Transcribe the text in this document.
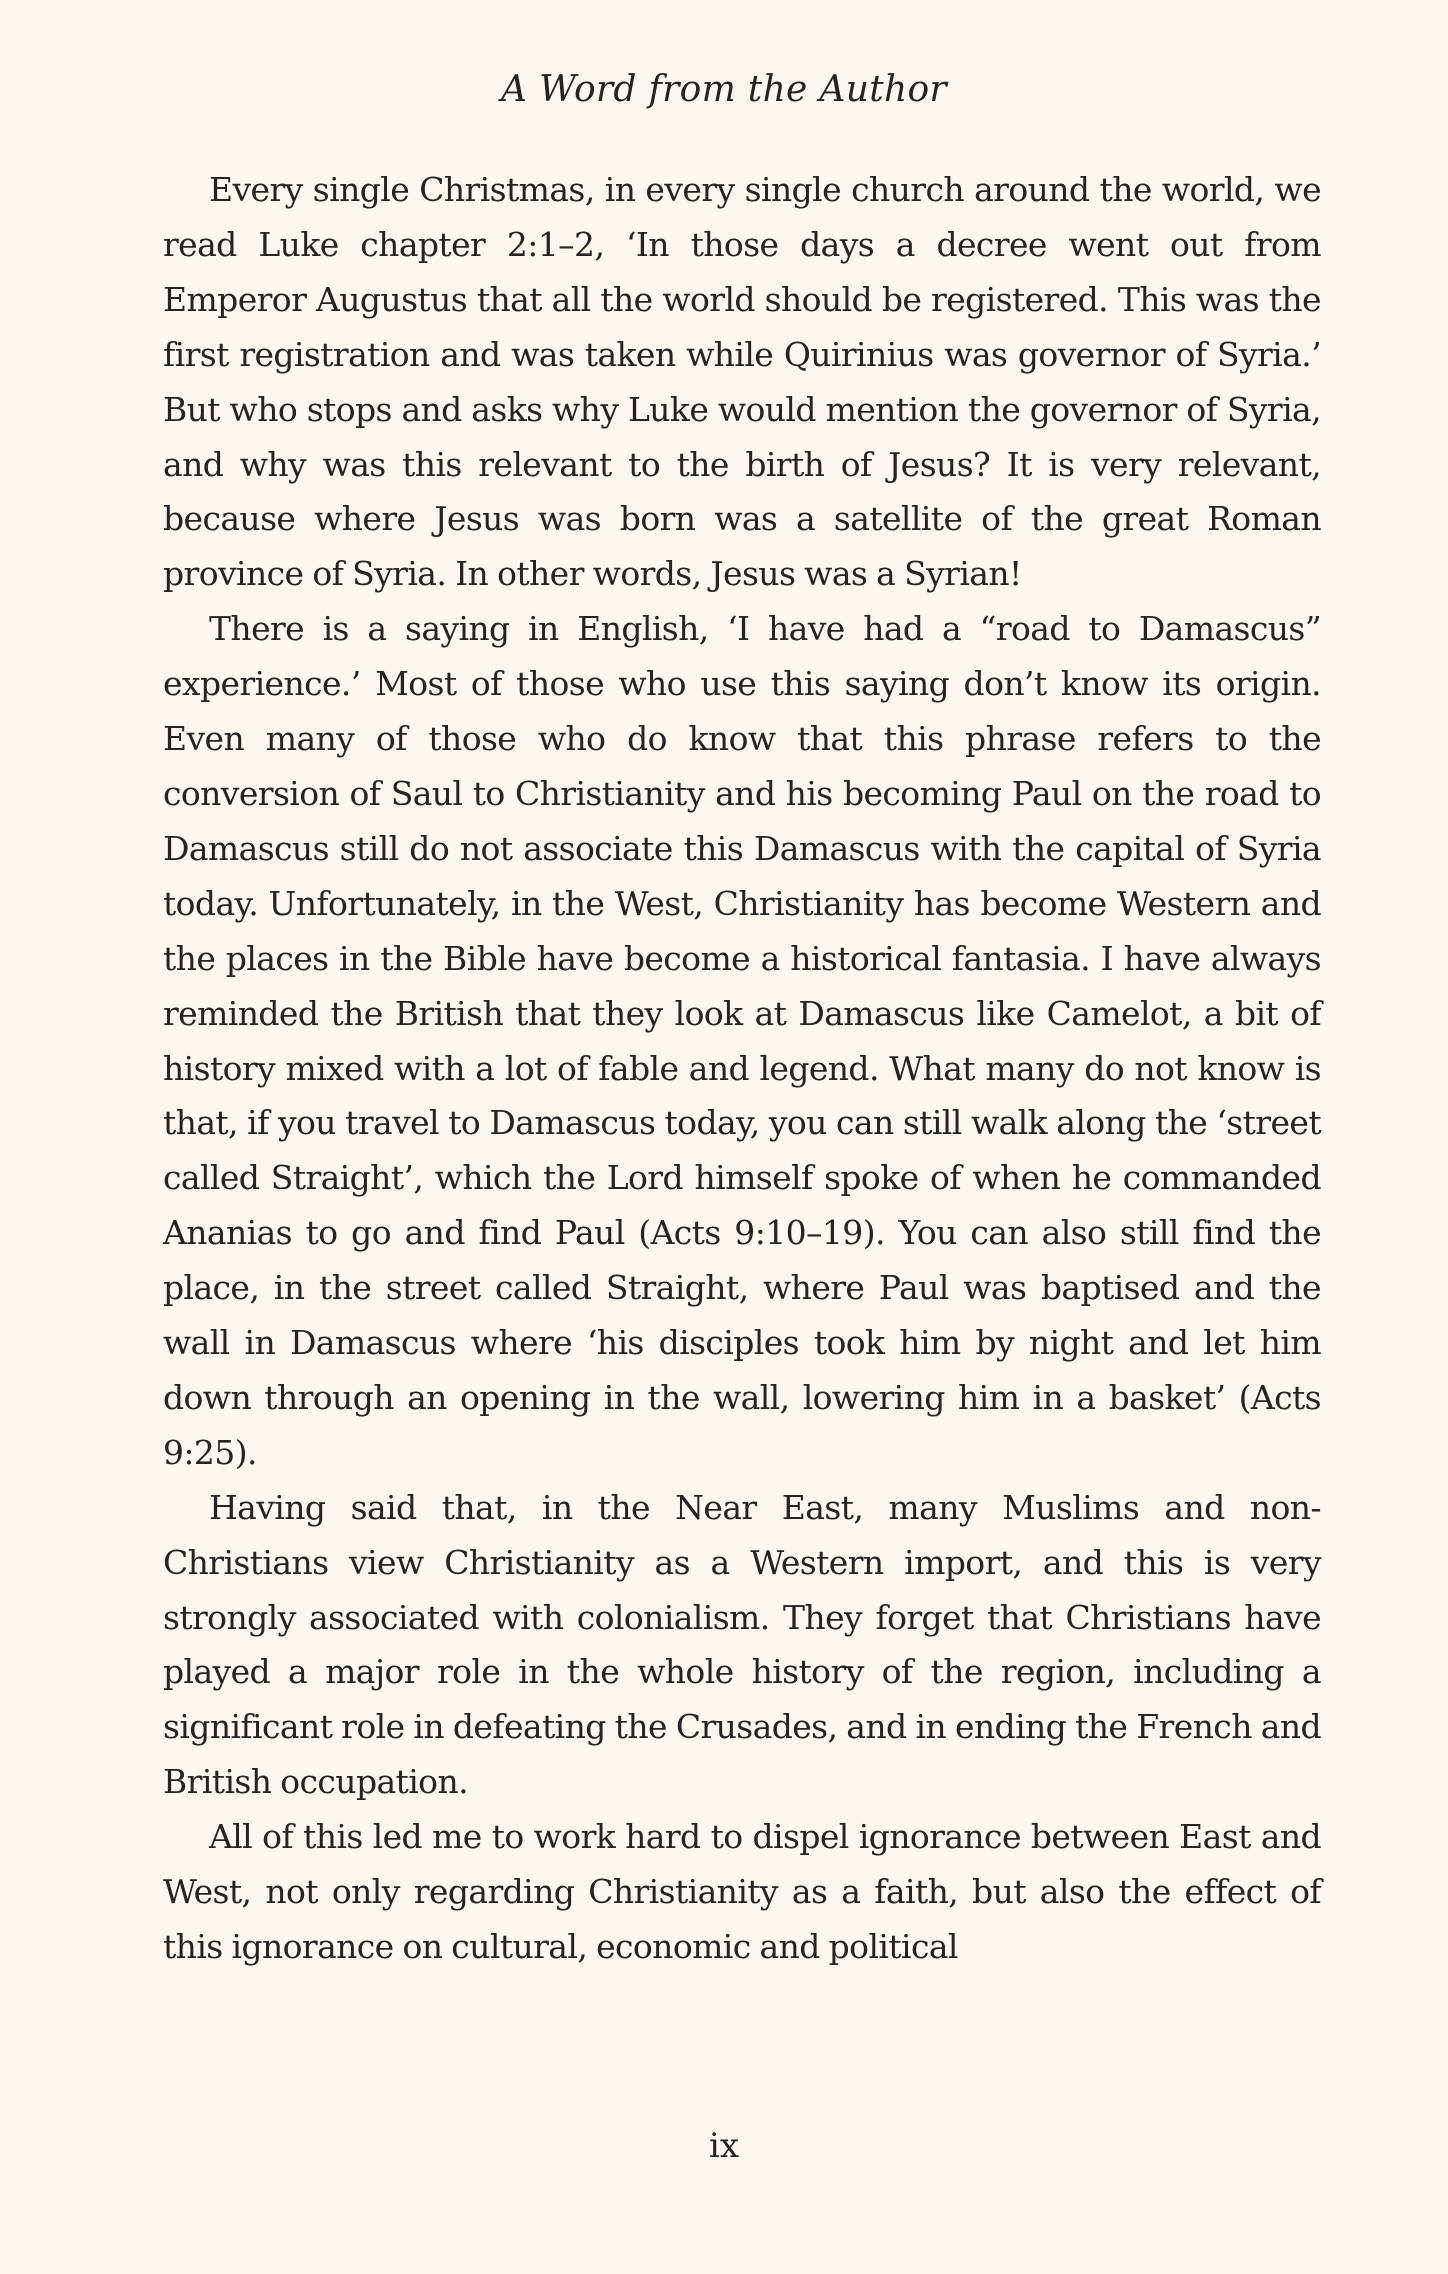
A Word from the Author

Every single Christmas, in every single church around the world, we read Luke chapter 2:1–2, ‘In those days a decree went out from Emperor Augustus that all the world should be registered. This was the first registration and was taken while Quirinius was governor of Syria.’ But who stops and asks why Luke would mention the governor of Syria, and why was this relevant to the birth of Jesus? It is very relevant, because where Jesus was born was a satellite of the great Roman province of Syria. In other words, Jesus was a Syrian!

There is a saying in English, ‘I have had a “road to Damascus” experience.’ Most of those who use this saying don’t know its origin. Even many of those who do know that this phrase refers to the conversion of Saul to Christianity and his becoming Paul on the road to Damascus still do not associate this Damascus with the capital of Syria today. Unfortunately, in the West, Christianity has become Western and the places in the Bible have become a historical fantasia. I have always reminded the British that they look at Damascus like Camelot, a bit of history mixed with a lot of fable and legend. What many do not know is that, if you travel to Damascus today, you can still walk along the ‘street called Straight’, which the Lord himself spoke of when he commanded Ananias to go and find Paul (Acts 9:10–19). You can also still find the place, in the street called Straight, where Paul was baptised and the wall in Damascus where ‘his disciples took him by night and let him down through an opening in the wall, lowering him in a basket’ (Acts 9:25).

Having said that, in the Near East, many Muslims and non-Christians view Christianity as a Western import, and this is very strongly associated with colonialism. They forget that Christians have played a major role in the whole history of the region, including a significant role in defeating the Crusades, and in ending the French and British occupation.

All of this led me to work hard to dispel ignorance between East and West, not only regarding Christianity as a faith, but also the effect of this ignorance on cultural, economic and political

ix
